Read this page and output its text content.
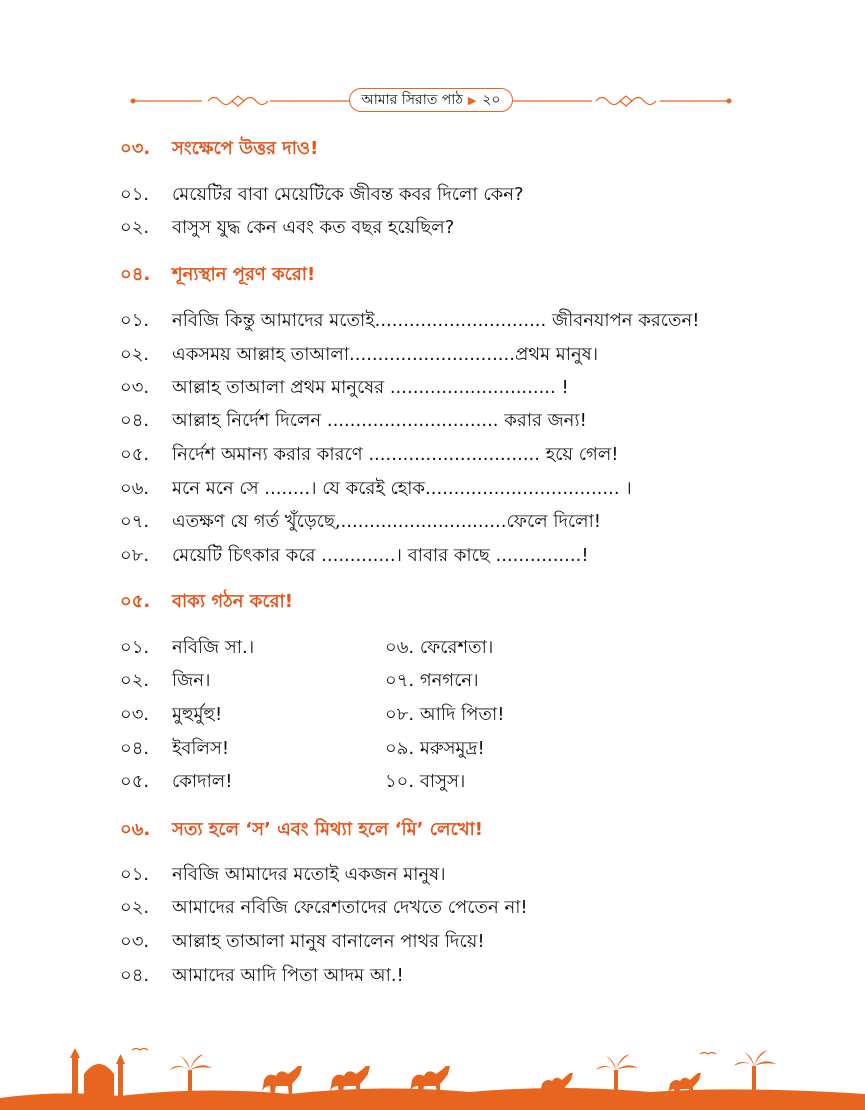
আমার সিরাত পাঠ ▶ ২০
০৩. সংক্ষেপে উত্তর দাও!
০১. মেয়েটির বাবা মেয়েটিকে জীবন্ত কবর দিলো কেন?
০২. বাসুস যুদ্ধ কেন এবং কত বছর হয়েছিল?
০৪. শূন্যস্থান পূরণ করো!
০১. নবিজি কিন্তু আমাদের মতোই.............................. জীবনযাপন করতেন!
০২. একসময় আল্লাহ তাআলা.............................প্রথম মানুষ।
০৩. আল্লাহ তাআলা প্রথম মানুষের ............................. !
০৪. আল্লাহ নির্দেশ দিলেন .............................. করার জন্য!
০৫. নির্দেশ অমান্য করার কারণে .............................. হয়ে গেল!
০৬. মনে মনে সে ........। যে করেই হোক.................................. ।
০৭. এতক্ষণ যে গর্ত খুঁড়েছে,.............................ফেলে দিলো!
০৮. মেয়েটি চিৎকার করে .............। বাবার কাছে ...............!
০৫. বাক্য গঠন করো!
০১. নবিজি সা.।
০২. জিন।
০৩. মুহুর্মুহু!
০৪. ইবলিস!
০৫. কোদাল!
০৬. ফেরেশতা।
০৭. গনগনে।
০৮. আদি পিতা!
০৯. মরুসমুদ্র!
১০. বাসুস।
০৬. সত্য হলে ‘স’ এবং মিথ্যা হলে ‘মি’ লেখো!
০১. নবিজি আমাদের মতোই একজন মানুষ।
০২. আমাদের নবিজি ফেরেশতাদের দেখতে পেতেন না!
০৩. আল্লাহ তাআলা মানুষ বানালেন পাথর দিয়ে!
০৪. আমাদের আদি পিতা আদম আ.!
